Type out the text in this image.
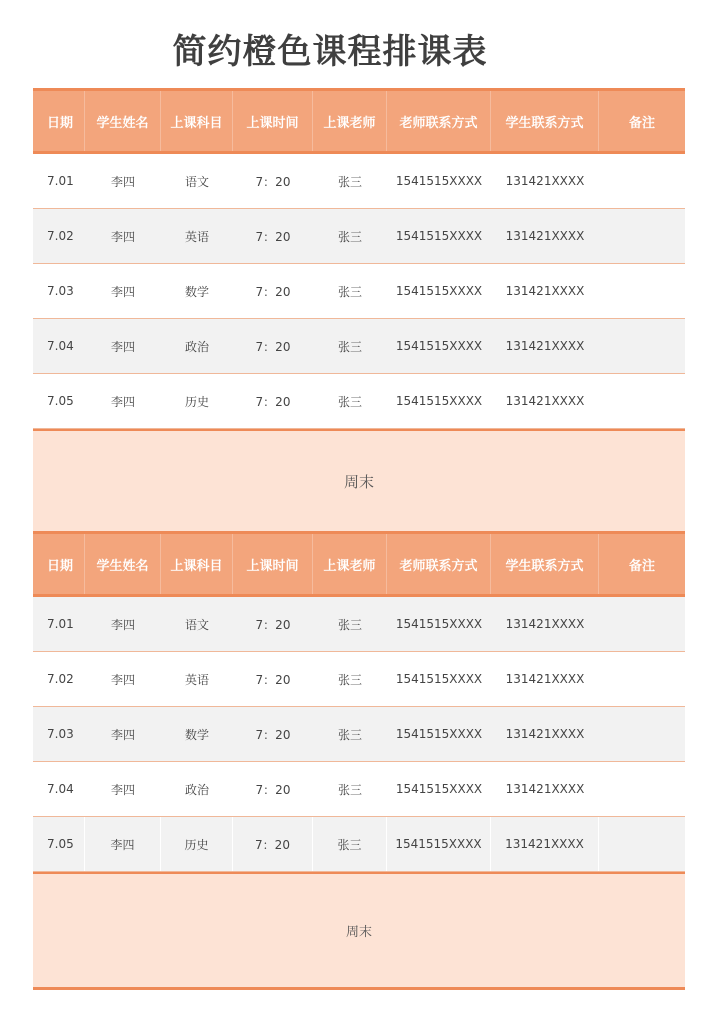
简约橙色课程排课表
日期	学生姓名	上课科目	上课时间	上课老师	老师联系方式	学生联系方式	备注
7.01	李四	语文	7：20	张三	1541515XXXX	131421XXXX
7.02	李四	英语	7：20	张三	1541515XXXX	131421XXXX
7.03	李四	数学	7：20	张三	1541515XXXX	131421XXXX
7.04	李四	政治	7：20	张三	1541515XXXX	131421XXXX
7.05	李四	历史	7：20	张三	1541515XXXX	131421XXXX
周末
日期	学生姓名	上课科目	上课时间	上课老师	老师联系方式	学生联系方式	备注
7.01	李四	语文	7：20	张三	1541515XXXX	131421XXXX
7.02	李四	英语	7：20	张三	1541515XXXX	131421XXXX
7.03	李四	数学	7：20	张三	1541515XXXX	131421XXXX
7.04	李四	政治	7：20	张三	1541515XXXX	131421XXXX
7.05	李四	历史	7：20	张三	1541515XXXX	131421XXXX
周末
